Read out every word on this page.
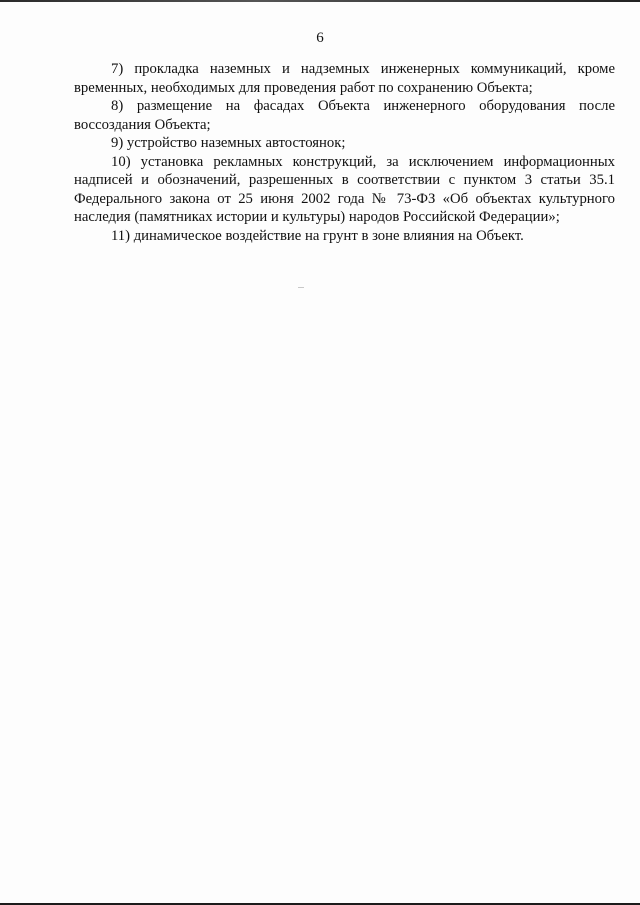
6

7) прокладка наземных и надземных инженерных коммуникаций, кроме временных, необходимых для проведения работ по сохранению Объекта;

8) размещение на фасадах Объекта инженерного оборудования после воссоздания Объекта;

9) устройство наземных автостоянок;

10) установка рекламных конструкций, за исключением информационных надписей и обозначений, разрешенных в соответствии с пунктом 3 статьи 35.1 Федерального закона от 25 июня 2002 года № 73-ФЗ «Об объектах культурного наследия (памятниках истории и культуры) народов Российской Федерации»;

11) динамическое воздействие на грунт в зоне влияния на Объект.
